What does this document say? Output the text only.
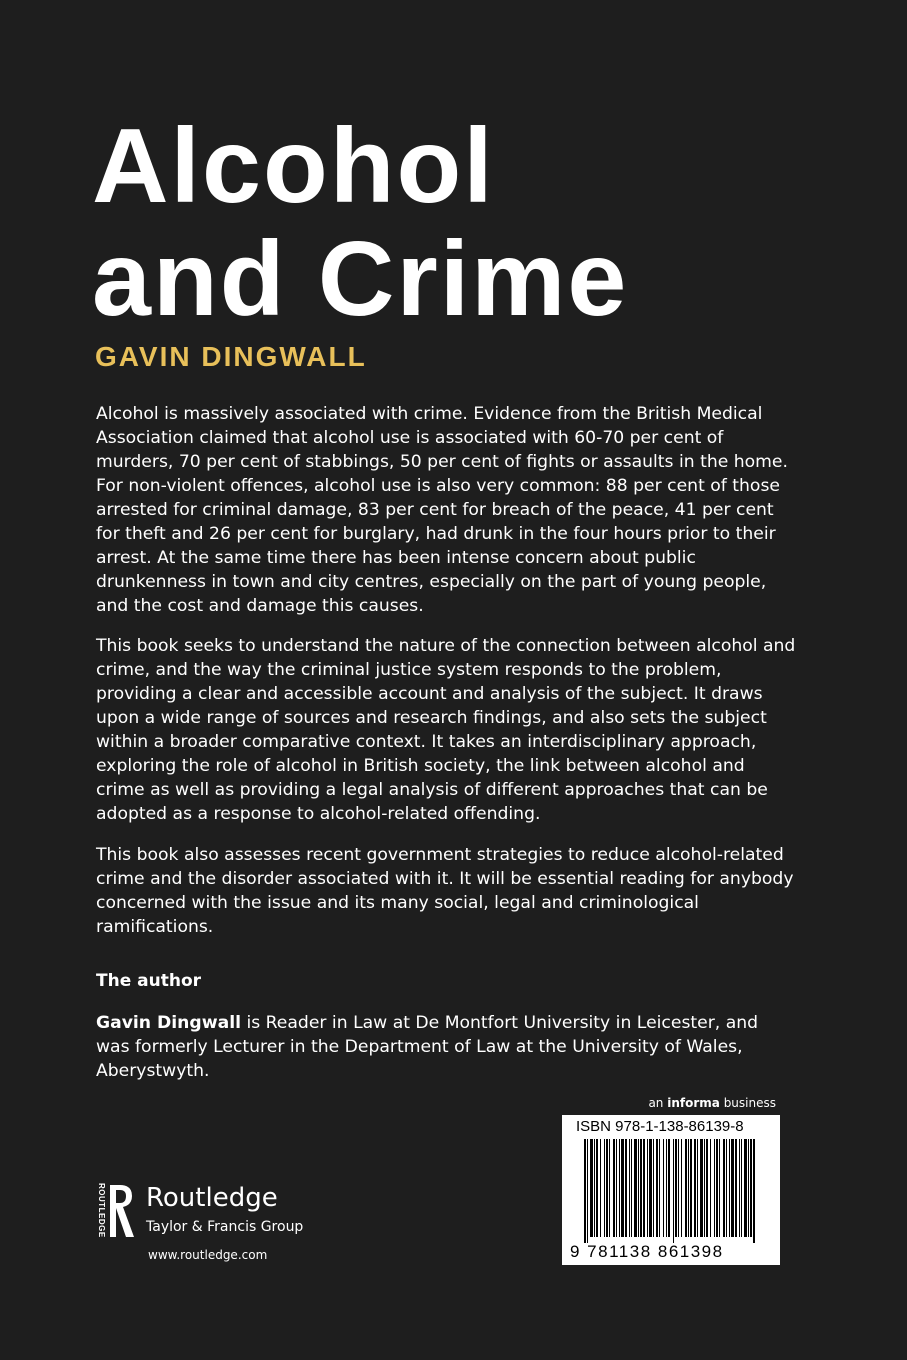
Alcohol
and Crime
GAVIN DINGWALL

Alcohol is massively associated with crime. Evidence from the British Medical Association claimed that alcohol use is associated with 60-70 per cent of murders, 70 per cent of stabbings, 50 per cent of fights or assaults in the home. For non-violent offences, alcohol use is also very common: 88 per cent of those arrested for criminal damage, 83 per cent for breach of the peace, 41 per cent for theft and 26 per cent for burglary, had drunk in the four hours prior to their arrest. At the same time there has been intense concern about public drunkenness in town and city centres, especially on the part of young people, and the cost and damage this causes.

This book seeks to understand the nature of the connection between alcohol and crime, and the way the criminal justice system responds to the problem, providing a clear and accessible account and analysis of the subject. It draws upon a wide range of sources and research findings, and also sets the subject within a broader comparative context. It takes an interdisciplinary approach, exploring the role of alcohol in British society, the link between alcohol and crime as well as providing a legal analysis of different approaches that can be adopted as a response to alcohol-related offending.

This book also assesses recent government strategies to reduce alcohol-related crime and the disorder associated with it. It will be essential reading for anybody concerned with the issue and its many social, legal and criminological ramifications.

The author

Gavin Dingwall is Reader in Law at De Montfort University in Leicester, and was formerly Lecturer in the Department of Law at the University of Wales, Aberystwyth.

an informa business
ISBN 978-1-138-86139-8
9 781138 861398
ROUTLEDGE Routledge
Taylor & Francis Group
www.routledge.com
